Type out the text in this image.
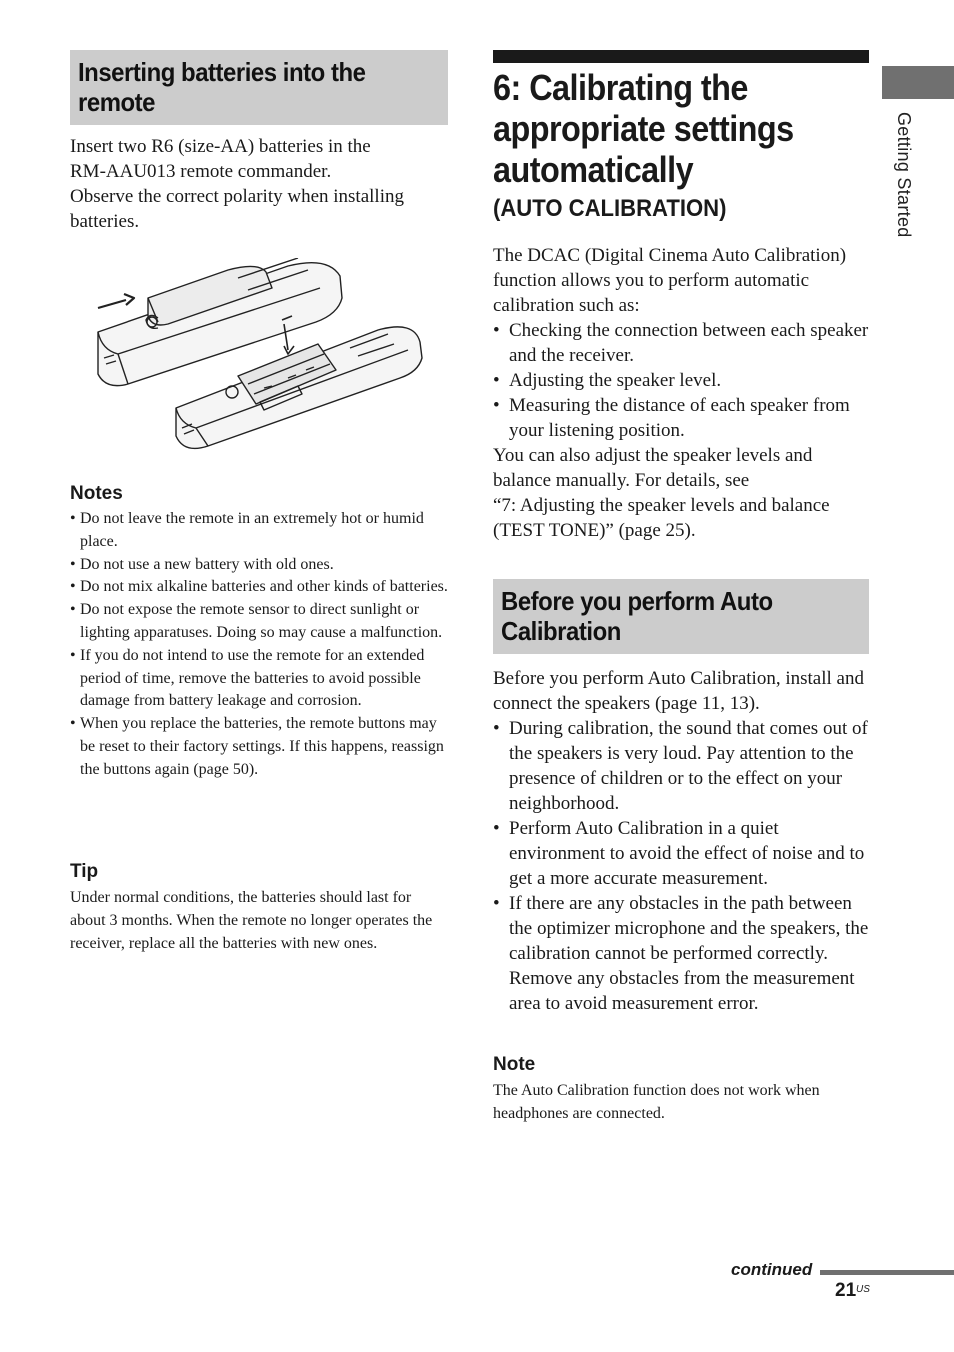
Inserting batteries into the
remote

Insert two R6 (size-AA) batteries in the
RM-AAU013 remote commander.
Observe the correct polarity when installing
batteries.

Notes

• Do not leave the remote in an extremely hot or humid place.
• Do not use a new battery with old ones.
• Do not mix alkaline batteries and other kinds of batteries.
• Do not expose the remote sensor to direct sunlight or lighting apparatuses. Doing so may cause a malfunction.
• If you do not intend to use the remote for an extended period of time, remove the batteries to avoid possible damage from battery leakage and corrosion.
• When you replace the batteries, the remote buttons may be reset to their factory settings. If this happens, reassign the buttons again (page 50).

Tip

Under normal conditions, the batteries should last for about 3 months. When the remote no longer operates the receiver, replace all the batteries with new ones.

6: Calibrating the
appropriate settings
automatically

(AUTO CALIBRATION)

The DCAC (Digital Cinema Auto Calibration) function allows you to perform automatic calibration such as:

• Checking the connection between each speaker and the receiver.
• Adjusting the speaker level.
• Measuring the distance of each speaker from your listening position.

You can also adjust the speaker levels and balance manually. For details, see

“7: Adjusting the speaker levels and balance (TEST TONE)” (page 25).

Before you perform Auto
Calibration

Before you perform Auto Calibration, install and connect the speakers (page 11, 13).

• During calibration, the sound that comes out of the speakers is very loud. Pay attention to the presence of children or to the effect on your neighborhood.
• Perform Auto Calibration in a quiet environment to avoid the effect of noise and to get a more accurate measurement.
• If there are any obstacles in the path between the optimizer microphone and the speakers, the calibration cannot be performed correctly. Remove any obstacles from the measurement area to avoid measurement error.

Note

The Auto Calibration function does not work when headphones are connected.

Getting Started
continued
21 US
